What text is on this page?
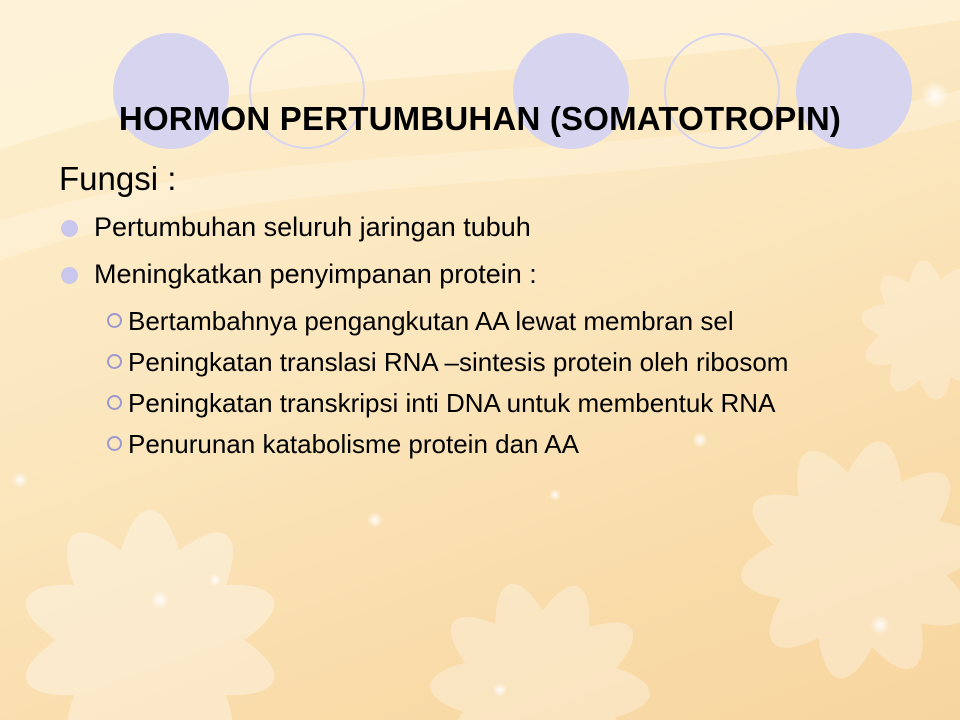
HORMON PERTUMBUHAN (SOMATOTROPIN)

Fungsi :

Pertumbuhan seluruh jaringan tubuh
Meningkatkan penyimpanan protein :
Bertambahnya pengangkutan AA lewat membran sel
Peningkatan translasi RNA –sintesis protein oleh ribosom
Peningkatan transkripsi inti DNA untuk membentuk RNA
Penurunan katabolisme protein dan AA
